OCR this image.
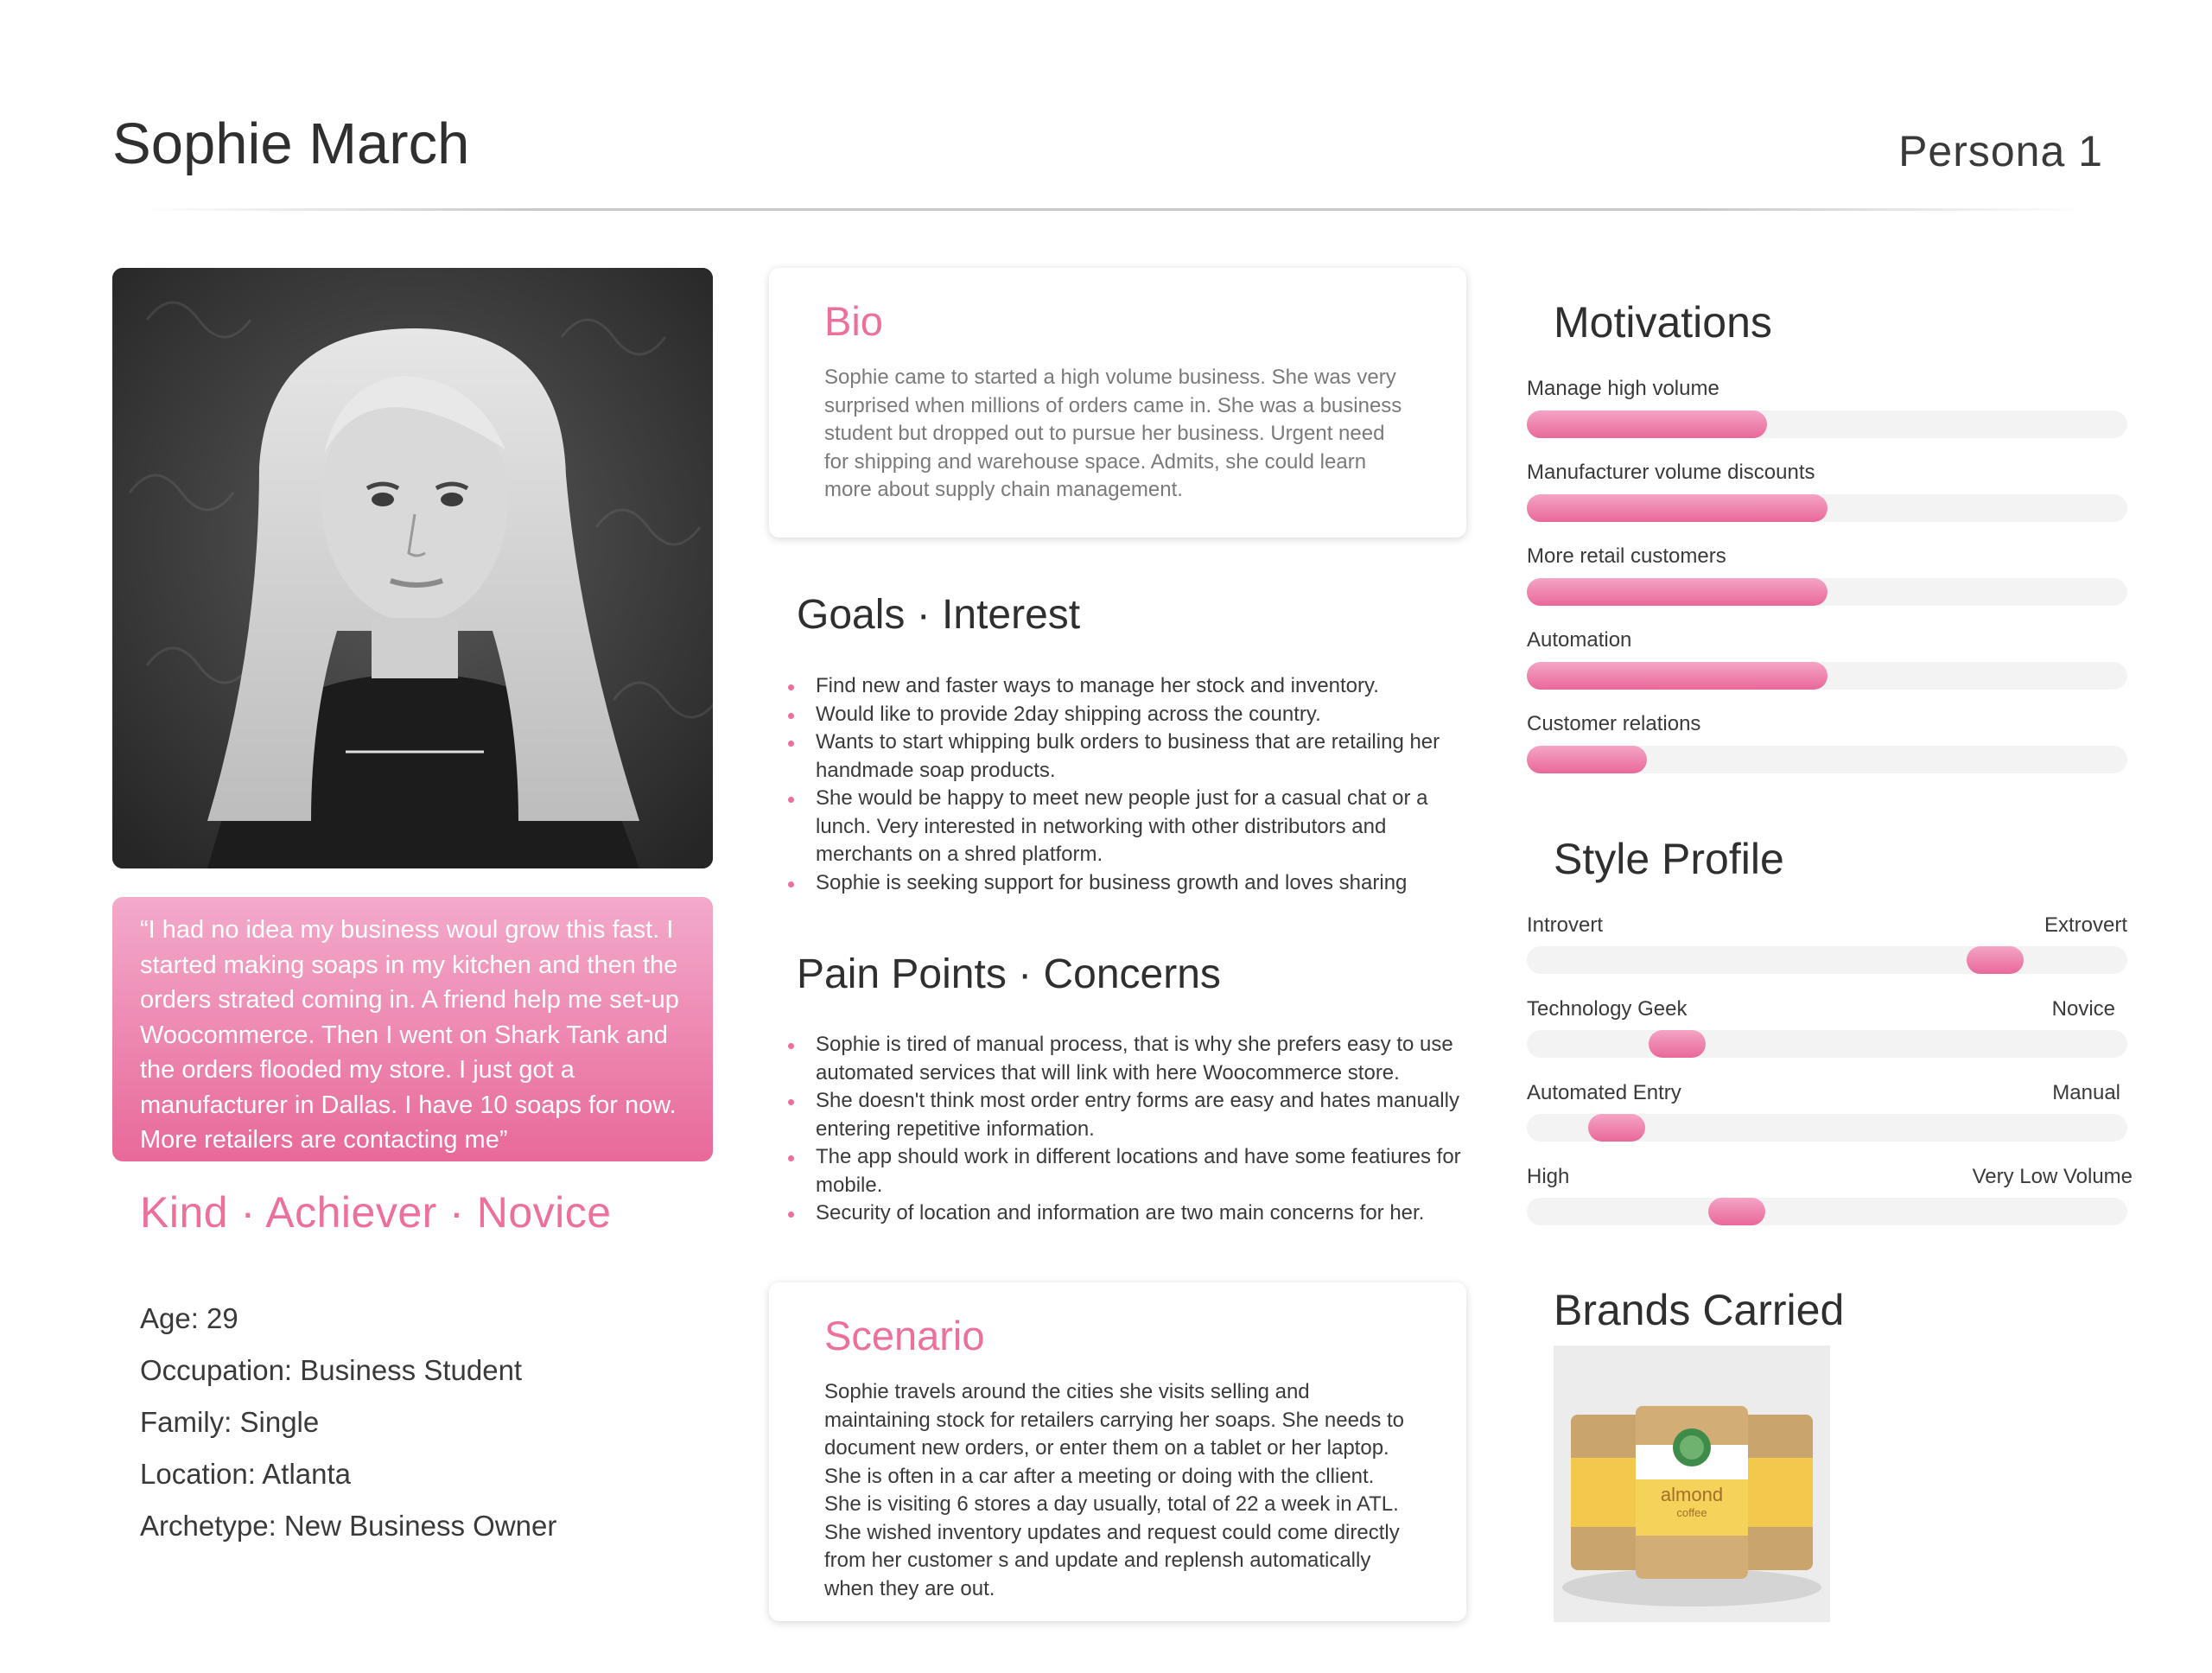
Sophie March	Persona 1
“I had no idea my business woul grow this fast. I started making soaps in my kitchen and then the orders strated coming in. A friend help me set-up Woocommerce. Then I went on Shark Tank and the orders flooded my store. I just got a manufacturer in Dallas. I have 10 soaps for now. More retailers are contacting me”
Kind · Achiever · Novice
Age: 29
Occupation: Business Student
Family: Single
Location: Atlanta
Archetype: New Business Owner
Bio

Sophie came to started a high volume business. She was very surprised when millions of orders came in. She was a business student but dropped out to pursue her business. Urgent need for shipping and warehouse space. Admits, she could learn more about supply chain management.

Goals · Interest
Find new and faster ways to manage her stock and inventory.
Would like to provide 2day shipping across the country.
Wants to start whipping bulk orders to business that are retailing her handmade soap products.
She would be happy to meet new people just for a casual chat or a lunch. Very interested in networking with other distributors and merchants on a shred platform.
Sophie is seeking support for business growth and loves sharing
Pain Points · Concerns
Sophie is tired of manual process, that is why she prefers easy to use automated services that will link with here Woocommerce store.
She doesn't think most order entry forms are easy and hates manually entering repetitive information.
The app should work in different locations and have some featiures for mobile.
Security of location and information are two main concerns for her.
Scenario

Sophie travels around the cities she visits selling and maintaining stock for retailers carrying her soaps. She needs to document new orders, or enter them on a tablet or her laptop. She is often in a car after a meeting or doing with the cllient. She is visiting 6 stores a day usually, total of 22 a week in ATL. She wished inventory updates and request could come directly from her customer s and update and replensh automatically when they are out.

Motivations
Manage high volume
Manufacturer volume discounts
More retail customers
Automation
Customer relations
Style Profile
Introvert	Extrovert
Technology Geek	Novice
Automated Entry	Manual
High	Very Low Volume
Brands Carried
almond
coffee
